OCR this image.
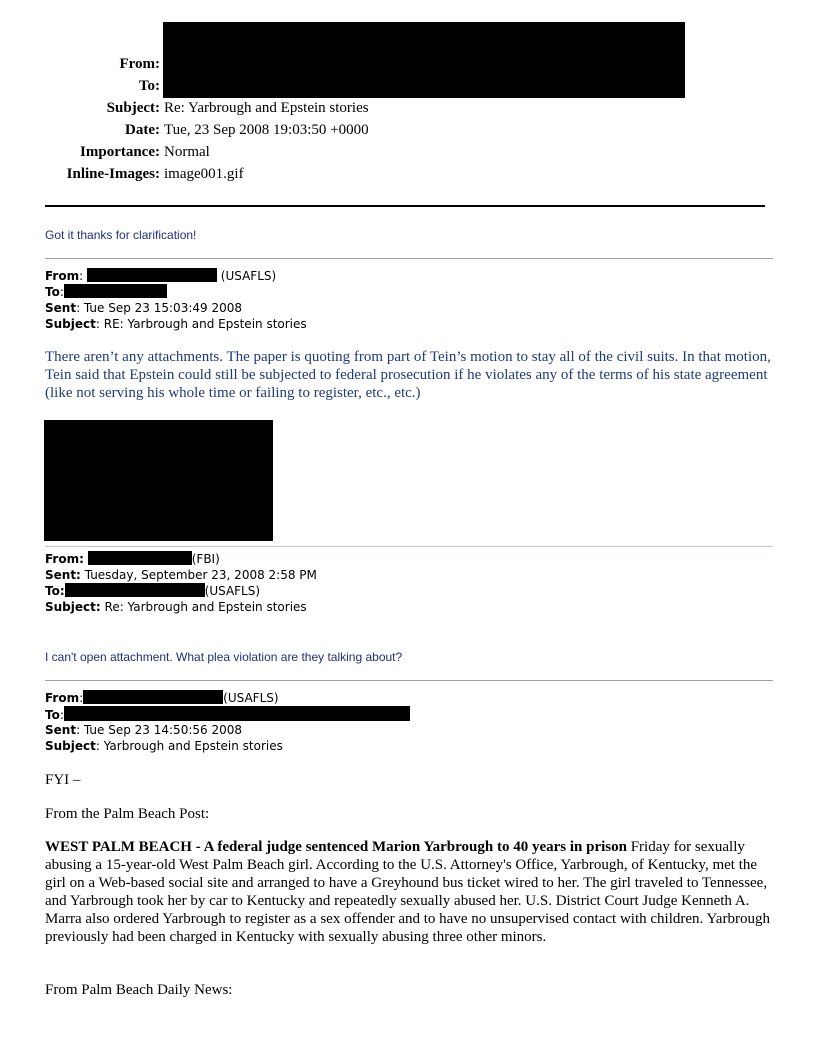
From:
To:
Subject: Re: Yarbrough and Epstein stories
Date: Tue, 23 Sep 2008 19:03:50 +0000
Importance: Normal
Inline-Images: image001.gif
Got it thanks for clarification!
From:	(USAFLS)
To:
Sent: Tue Sep 23 15:03:49 2008
Subject: RE: Yarbrough and Epstein stories
There aren’t any attachments. The paper is quoting from part of Tein’s motion to stay all of the civil suits. In that motion, Tein said that Epstein could still be subjected to federal prosecution if he violates any of the terms of his state agreement (like not serving his whole time or failing to register, etc., etc.)
From:	(FBI)
Sent: Tuesday, September 23, 2008 2:58 PM
To:	(USAFLS)
Subject: Re: Yarbrough and Epstein stories
I can't open attachment. What plea violation are they talking about?
From:	(USAFLS)
To:
Sent: Tue Sep 23 14:50:56 2008
Subject: Yarbrough and Epstein stories
FYI –
From the Palm Beach Post:
WEST PALM BEACH - A federal judge sentenced Marion Yarbrough to 40 years in prison Friday for sexually abusing a 15-year-old West Palm Beach girl. According to the U.S. Attorney's Office, Yarbrough, of Kentucky, met the girl on a Web-based social site and arranged to have a Greyhound bus ticket wired to her. The girl traveled to Tennessee, and Yarbrough took her by car to Kentucky and repeatedly sexually abused her. U.S. District Court Judge Kenneth A. Marra also ordered Yarbrough to register as a sex offender and to have no unsupervised contact with children. Yarbrough previously had been charged in Kentucky with sexually abusing three other minors.
From Palm Beach Daily News:
